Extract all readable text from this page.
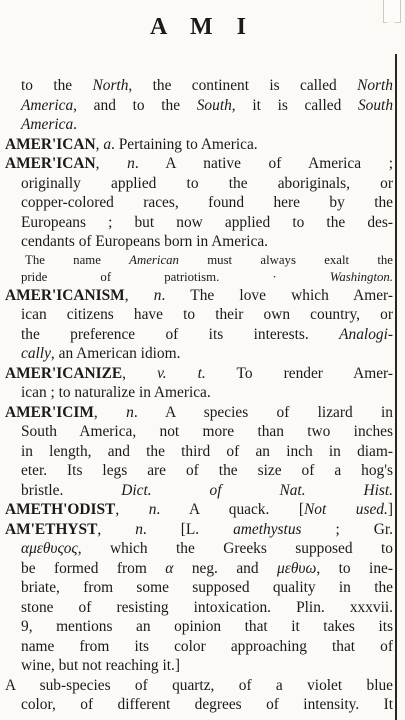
A M I
to the North, the continent is called North
America, and to the South, it is called South
America.
AMER'ICAN, a. Pertaining to America.
AMER'ICAN, n. A native of America ;
originally applied to the aboriginals, or
copper-colored races, found here by the
Europeans ; but now applied to the des-
cendants of Europeans born in America.
The name American must always exalt the
pride of patriotism. · Washington.
AMER'ICANISM, n. The love which Amer-
ican citizens have to their own country, or
the preference of its interests. Analogi-
cally, an American idiom.
AMER'ICANIZE, v. t. To render Amer-
ican ; to naturalize in America.
AMER'ICIM, n. A species of lizard in
South America, not more than two inches
in length, and the third of an inch in diam-
eter. Its legs are of the size of a hog's
bristle. Dict. of Nat. Hist.
AMETH'ODIST, n. A quack. [Not used.]
AM'ETHYST, n. [L. amethystus ; Gr.
αμεθυςος, which the Greeks supposed to
be formed from α neg. and μεθυω, to ine-
briate, from some supposed quality in the
stone of resisting intoxication. Plin. xxxvii.
9, mentions an opinion that it takes its
name from its color approaching that of
wine, but not reaching it.]
A sub-species of quartz, of a violet blue
color, of different degrees of intensity. It
